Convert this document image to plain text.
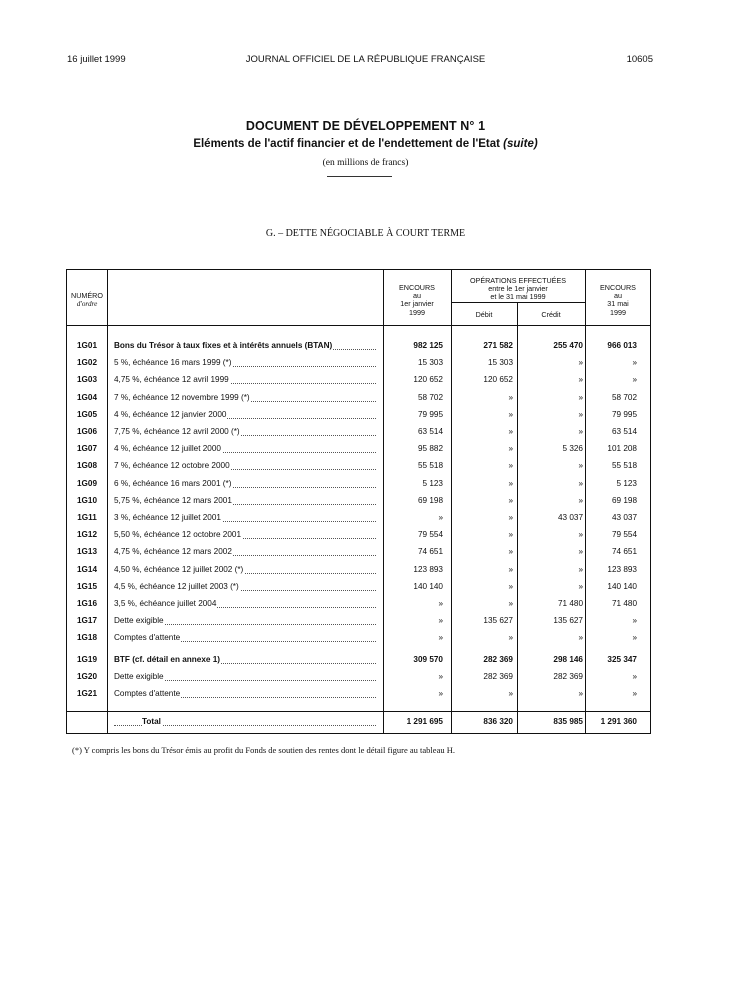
16 juillet 1999	JOURNAL OFFICIEL DE LA RÉPUBLIQUE FRANÇAISE	10605
DOCUMENT DE DÉVELOPPEMENT N° 1
Eléments de l'actif financier et de l'endettement de l'Etat (suite)
(en millions de francs)
G. – DETTE NÉGOCIABLE À COURT TERME
NUMÉRO
d'ordre
ENCOURS
au
1er janvier
1999
OPÉRATIONS EFFECTUÉES
entre le 1er janvier
et le 31 mai 1999
Débit	Crédit
ENCOURS
au
31 mai
1999
1G01	Bons du Trésor à taux fixes et à intérêts annuels (BTAN)	982 125	271 582	255 470	966 013
1G02	5 %, échéance 16 mars 1999 (*)	15 303	15 303	»	»
1G03	4,75 %, échéance 12 avril 1999	120 652	120 652	»	»
1G04	7 %, échéance 12 novembre 1999 (*)	58 702	»	»	58 702
1G05	4 %, échéance 12 janvier 2000	79 995	»	»	79 995
1G06	7,75 %, échéance 12 avril 2000 (*)	63 514	»	»	63 514
1G07	4 %, échéance 12 juillet 2000	95 882	»	5 326	101 208
1G08	7 %, échéance 12 octobre 2000	55 518	»	»	55 518
1G09	6 %, échéance 16 mars 2001 (*)	5 123	»	»	5 123
1G10	5,75 %, échéance 12 mars 2001	69 198	»	»	69 198
1G11	3 %, échéance 12 juillet 2001	»	»	43 037	43 037
1G12	5,50 %, échéance 12 octobre 2001	79 554	»	»	79 554
1G13	4,75 %, échéance 12 mars 2002	74 651	»	»	74 651
1G14	4,50 %, échéance 12 juillet 2002 (*)	123 893	»	»	123 893
1G15	4,5 %, échéance 12 juillet 2003 (*)	140 140	»	»	140 140
1G16	3,5 %, échéance juillet 2004	»	»	71 480	71 480
1G17	Dette exigible	»	135 627	135 627	»
1G18	Comptes d'attente	»	»	»	»
1G19	BTF (cf. détail en annexe 1)	309 570	282 369	298 146	325 347
1G20	Dette exigible	»	282 369	282 369	»
1G21	Comptes d'attente	»	»	»	»
Total	1 291 695	836 320	835 985	1 291 360
(*) Y compris les bons du Trésor émis au profit du Fonds de soutien des rentes dont le détail figure au tableau H.
